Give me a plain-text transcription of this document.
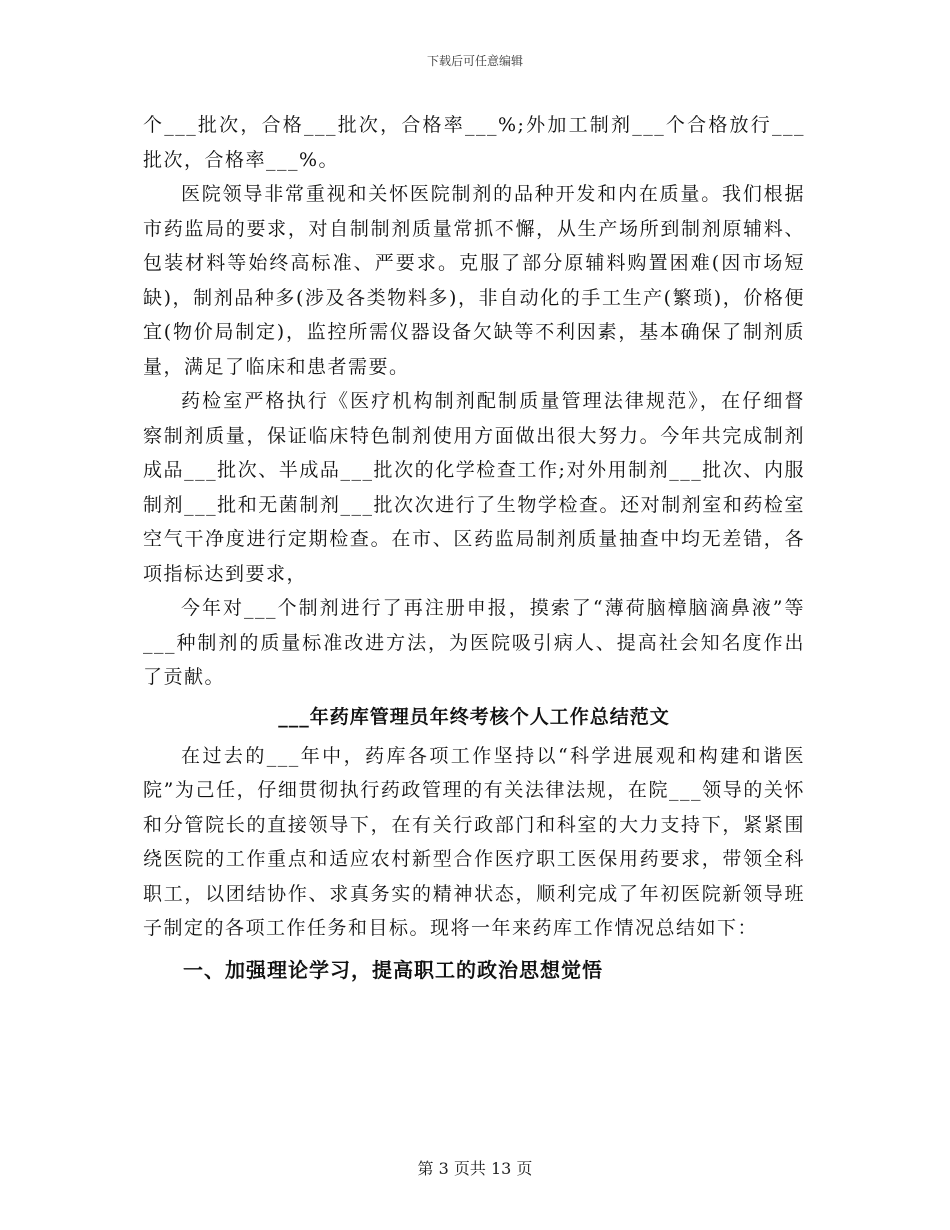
下载后可任意编辑

个___批次，合格___批次，合格率___%;外加工制剂___个合格放行___批次，合格率___%。

医院领导非常重视和关怀医院制剂的品种开发和内在质量。我们根据市药监局的要求，对自制制剂质量常抓不懈，从生产场所到制剂原辅料、包装材料等始终高标准、严要求。克服了部分原辅料购置困难(因市场短缺)，制剂品种多(涉及各类物料多)，非自动化的手工生产(繁琐)，价格便宜(物价局制定)，监控所需仪器设备欠缺等不利因素，基本确保了制剂质量，满足了临床和患者需要。

药检室严格执行《医疗机构制剂配制质量管理法律规范》，在仔细督察制剂质量，保证临床特色制剂使用方面做出很大努力。今年共完成制剂成品___批次、半成品___批次的化学检查工作;对外用制剂___批次、内服制剂___批和无菌制剂___批次次进行了生物学检查。还对制剂室和药检室空气干净度进行定期检查。在市、区药监局制剂质量抽查中均无差错，各项指标达到要求，

今年对___个制剂进行了再注册申报，摸索了“薄荷脑樟脑滴鼻液”等___种制剂的质量标准改进方法，为医院吸引病人、提高社会知名度作出了贡献。

___年药库管理员年终考核个人工作总结范文

在过去的___年中，药库各项工作坚持以“科学进展观和构建和谐医院”为己任，仔细贯彻执行药政管理的有关法律法规，在院___领导的关怀和分管院长的直接领导下，在有关行政部门和科室的大力支持下，紧紧围绕医院的工作重点和适应农村新型合作医疗职工医保用药要求，带领全科职工，以团结协作、求真务实的精神状态，顺利完成了年初医院新领导班子制定的各项工作任务和目标。现将一年来药库工作情况总结如下：

一、加强理论学习，提高职工的政治思想觉悟
第 3 页共 13 页
